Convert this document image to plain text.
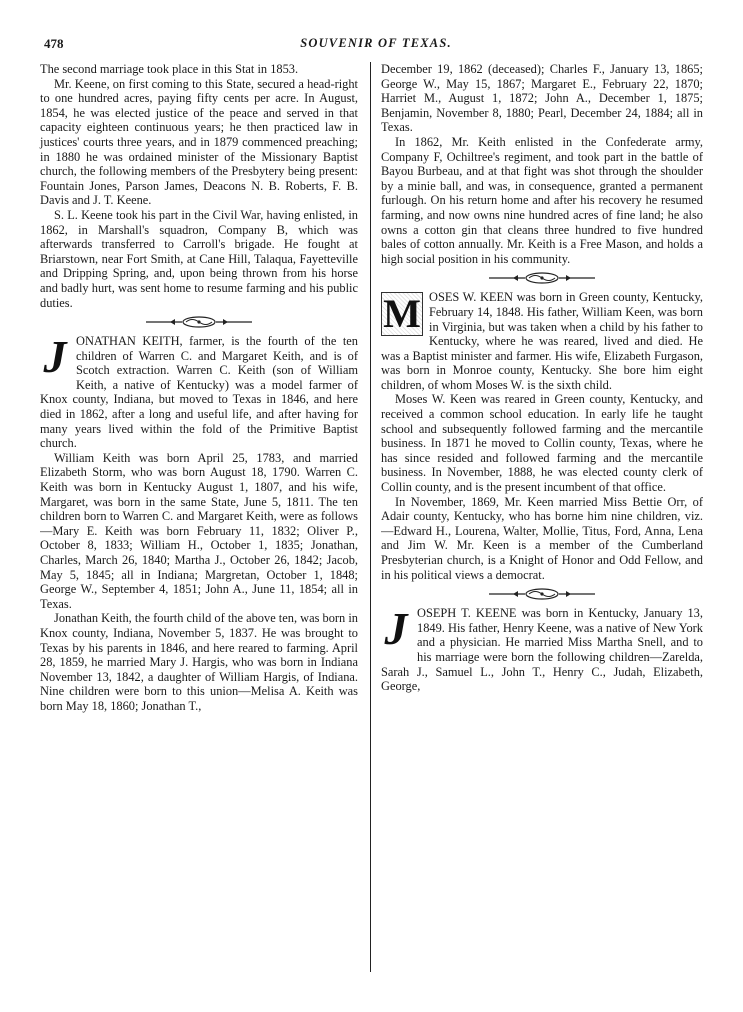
478	SOUVENIR OF TEXAS.

The second marriage took place in this Stat in 1853.

Mr. Keene, on first coming to this State, secured a head-right to one hundred acres, paying fifty cents per acre. In August, 1854, he was elected justice of the peace and served in that capacity eighteen continuous years; he then practiced law in justices' courts three years, and in 1879 commenced preaching; in 1880 he was ordained minister of the Missionary Baptist church, the following members of the Presbytery being present: Fountain Jones, Parson James, Deacons N. B. Roberts, F. B. Davis and J. T. Keene.

S. L. Keene took his part in the Civil War, having enlisted, in 1862, in Marshall's squadron, Company B, which was afterwards transferred to Carroll's brigade. He fought at Briarstown, near Fort Smith, at Cane Hill, Talaqua, Fayetteville and Dripping Spring, and, upon being thrown from his horse and badly hurt, was sent home to resume farming and his public duties.

J ONATHAN KEITH, farmer, is the fourth of the ten children of Warren C. and Margaret Keith, and is of Scotch extraction. Warren C. Keith (son of William Keith, a native of Kentucky) was a model farmer of Knox county, Indiana, but moved to Texas in 1846, and here died in 1862, after a long and useful life, and after having for many years lived within the fold of the Primitive Baptist church.

William Keith was born April 25, 1783, and married Elizabeth Storm, who was born August 18, 1790. Warren C. Keith was born in Kentucky August 1, 1807, and his wife, Margaret, was born in the same State, June 5, 1811. The ten children born to Warren C. and Margaret Keith, were as follows—Mary E. Keith was born February 11, 1832; Oliver P., October 8, 1833; William H., October 1, 1835; Jonathan, Charles, March 26, 1840; Martha J., October 26, 1842; Jacob, May 5, 1845; all in Indiana; Margretan, October 1, 1848; George W., September 4, 1851; John A., June 11, 1854; all in Texas.

Jonathan Keith, the fourth child of the above ten, was born in Knox county, Indiana, November 5, 1837. He was brought to Texas by his parents in 1846, and here reared to farming. April 28, 1859, he married Mary J. Hargis, who was born in Indiana November 13, 1842, a daughter of William Hargis, of Indiana. Nine children were born to this union—Melisa A. Keith was born May 18, 1860; Jonathan T.,

December 19, 1862 (deceased); Charles F., January 13, 1865; George W., May 15, 1867; Margaret E., February 22, 1870; Harriet M., August 1, 1872; John A., December 1, 1875; Benjamin, November 8, 1880; Pearl, December 24, 1884; all in Texas.

In 1862, Mr. Keith enlisted in the Confederate army, Company F, Ochiltree's regiment, and took part in the battle of Bayou Burbeau, and at that fight was shot through the shoulder by a minie ball, and was, in consequence, granted a permanent furlough. On his return home and after his recovery he resumed farming, and now owns nine hundred acres of fine land; he also owns a cotton gin that cleans three hundred to five hundred bales of cotton annually. Mr. Keith is a Free Mason, and holds a high social position in his community.

M OSES W. KEEN was born in Green county, Kentucky, February 14, 1848. His father, William Keen, was born in Virginia, but was taken when a child by his father to Kentucky, where he was reared, lived and died. He was a Baptist minister and farmer. His wife, Elizabeth Furgason, was born in Monroe county, Kentucky. She bore him eight children, of whom Moses W. is the sixth child.

Moses W. Keen was reared in Green county, Kentucky, and received a common school education. In early life he taught school and subsequently followed farming and the mercantile business. In 1871 he moved to Collin county, Texas, where he has since resided and followed farming and the mercantile business. In November, 1888, he was elected county clerk of Collin county, and is the present incumbent of that office.

In November, 1869, Mr. Keen married Miss Bettie Orr, of Adair county, Kentucky, who has borne him nine children, viz.—Edward H., Lourena, Walter, Mollie, Titus, Ford, Anna, Lena and Jim W. Mr. Keen is a member of the Cumberland Presbyterian church, is a Knight of Honor and Odd Fellow, and in his political views a democrat.

J OSEPH T. KEENE was born in Kentucky, January 13, 1849. His father, Henry Keene, was a native of New York and a physician. He married Miss Martha Snell, and to his marriage were born the following children—Zarelda, Sarah J., Samuel L., John T., Henry C., Judah, Elizabeth, George,
